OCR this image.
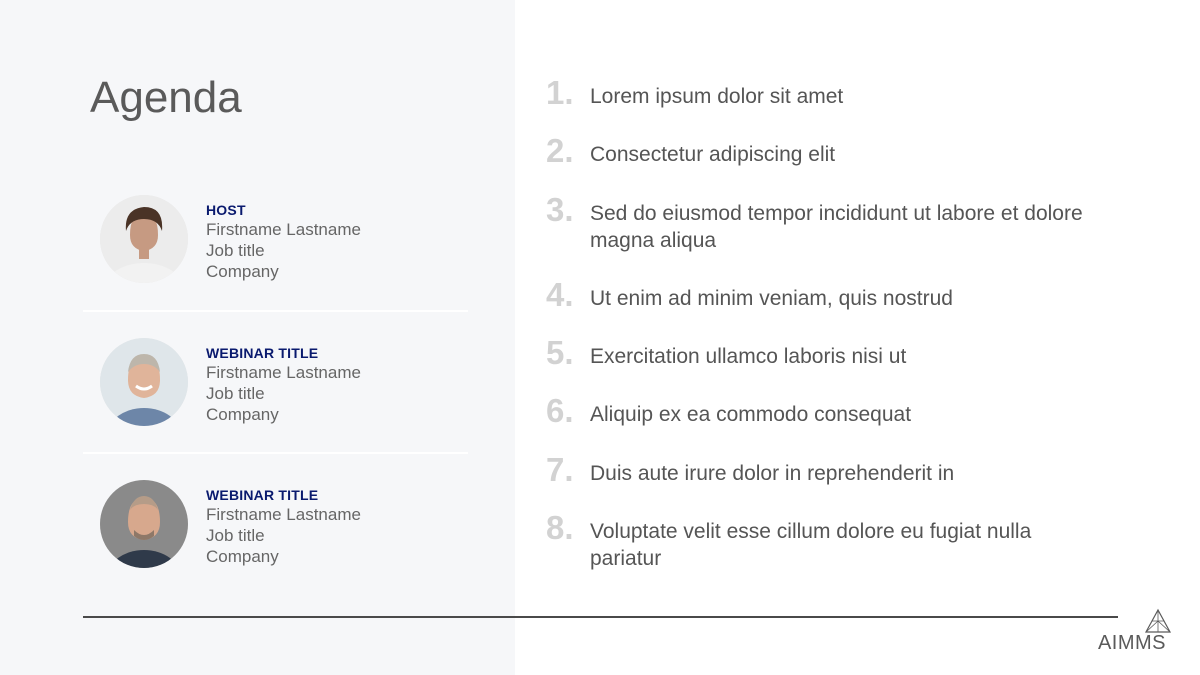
Agenda
HOST
Firstname Lastname
Job title
Company
WEBINAR TITLE
Firstname Lastname
Job title
Company
WEBINAR TITLE
Firstname Lastname
Job title
Company
1. Lorem ipsum dolor sit amet
2. Consectetur adipiscing elit
3. Sed do eiusmod tempor incididunt ut labore et dolore magna aliqua
4. Ut enim ad minim veniam, quis nostrud
5. Exercitation ullamco laboris nisi ut
6. Aliquip ex ea commodo consequat
7. Duis aute irure dolor in reprehenderit in
8. Voluptate velit esse cillum dolore eu fugiat nulla pariatur
AIMMS
